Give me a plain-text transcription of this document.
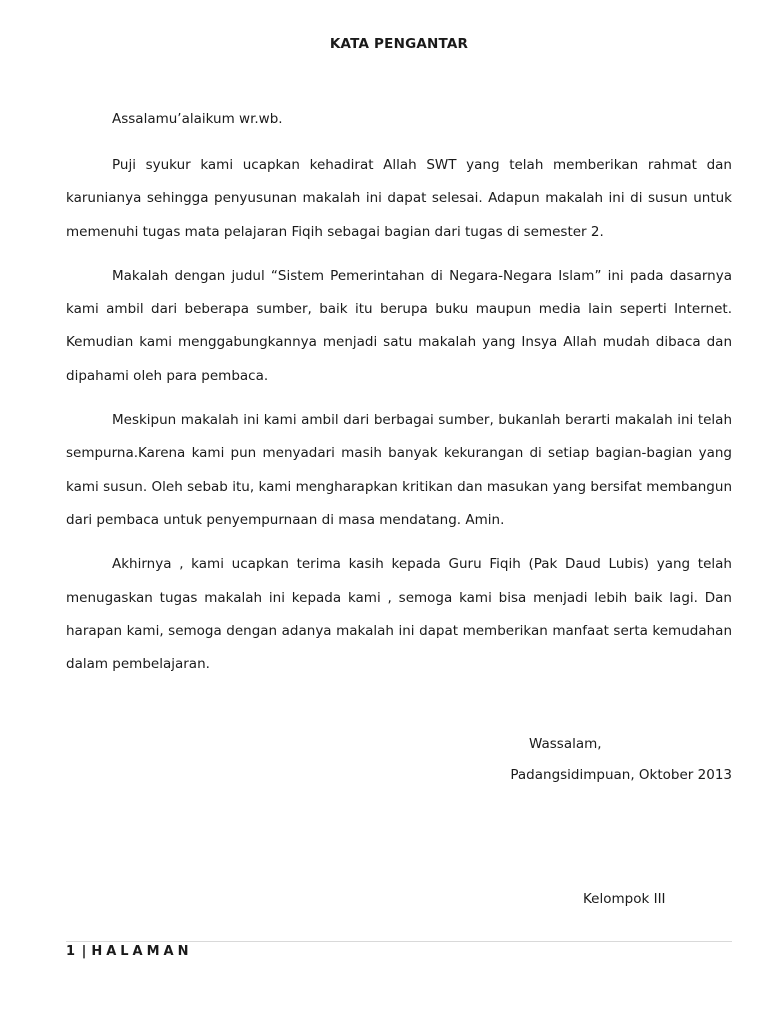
KATA PENGANTAR
Assalamu’alaikum wr.wb.

Puji syukur kami ucapkan kehadirat Allah SWT yang telah memberikan rahmat dan karunianya sehingga penyusunan makalah ini dapat selesai. Adapun makalah ini di susun untuk memenuhi tugas mata pelajaran Fiqih sebagai bagian dari tugas di semester 2.

Makalah dengan judul “Sistem Pemerintahan di Negara-Negara Islam” ini pada dasarnya kami ambil dari beberapa sumber, baik itu berupa buku maupun media lain seperti Internet. Kemudian kami menggabungkannya menjadi satu makalah yang Insya Allah mudah dibaca dan dipahami oleh para pembaca.

Meskipun makalah ini kami ambil dari berbagai sumber, bukanlah berarti makalah ini telah sempurna.Karena kami pun menyadari masih banyak kekurangan di setiap bagian-bagian yang kami susun. Oleh sebab itu, kami mengharapkan kritikan dan masukan yang bersifat membangun dari pembaca untuk penyempurnaan di masa mendatang. Amin.

Akhirnya , kami ucapkan terima kasih kepada Guru Fiqih (Pak Daud Lubis) yang telah menugaskan tugas makalah ini kepada kami , semoga kami bisa menjadi lebih baik lagi. Dan harapan kami, semoga dengan adanya makalah ini dapat memberikan manfaat serta kemudahan dalam pembelajaran.

Wassalam,
Padangsidimpuan, Oktober 2013
Kelompok III
1 | HALAMAN
